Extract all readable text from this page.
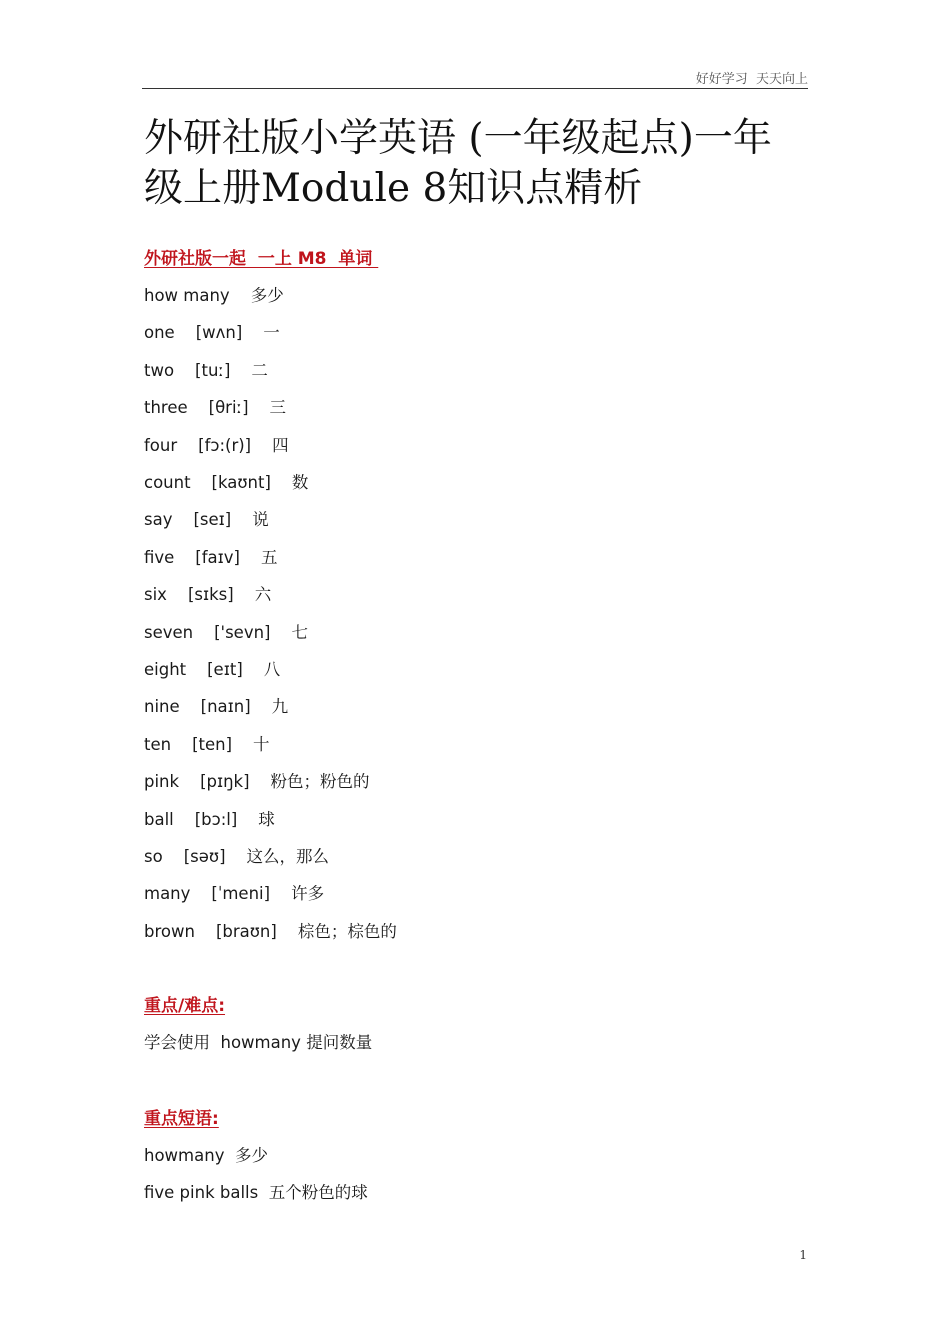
好好学习  天天向上
外研社版小学英语 (一年级起点)一年
级上册Module 8知识点精析
外研社版一起  一上 M8  单词
how many 多少
one [wʌn] 一
two [tuː] 二
three [θriː] 三
four [fɔ:(r)] 四
count [kaʊnt] 数
say [seɪ] 说
five [faɪv] 五
six [sɪks] 六
seven ['sevn] 七
eight [eɪt] 八
nine [naɪn] 九
ten [ten] 十
pink [pɪŋk] 粉色；粉色的
ball [bɔ:l] 球
so [səʊ] 这么，那么
many [ˈmeni] 许多
brown [braʊn] 棕色；棕色的
重点/难点:
学会使用  howmany 提问数量
重点短语:
howmany 多少
five pink balls 五个粉色的球
1
